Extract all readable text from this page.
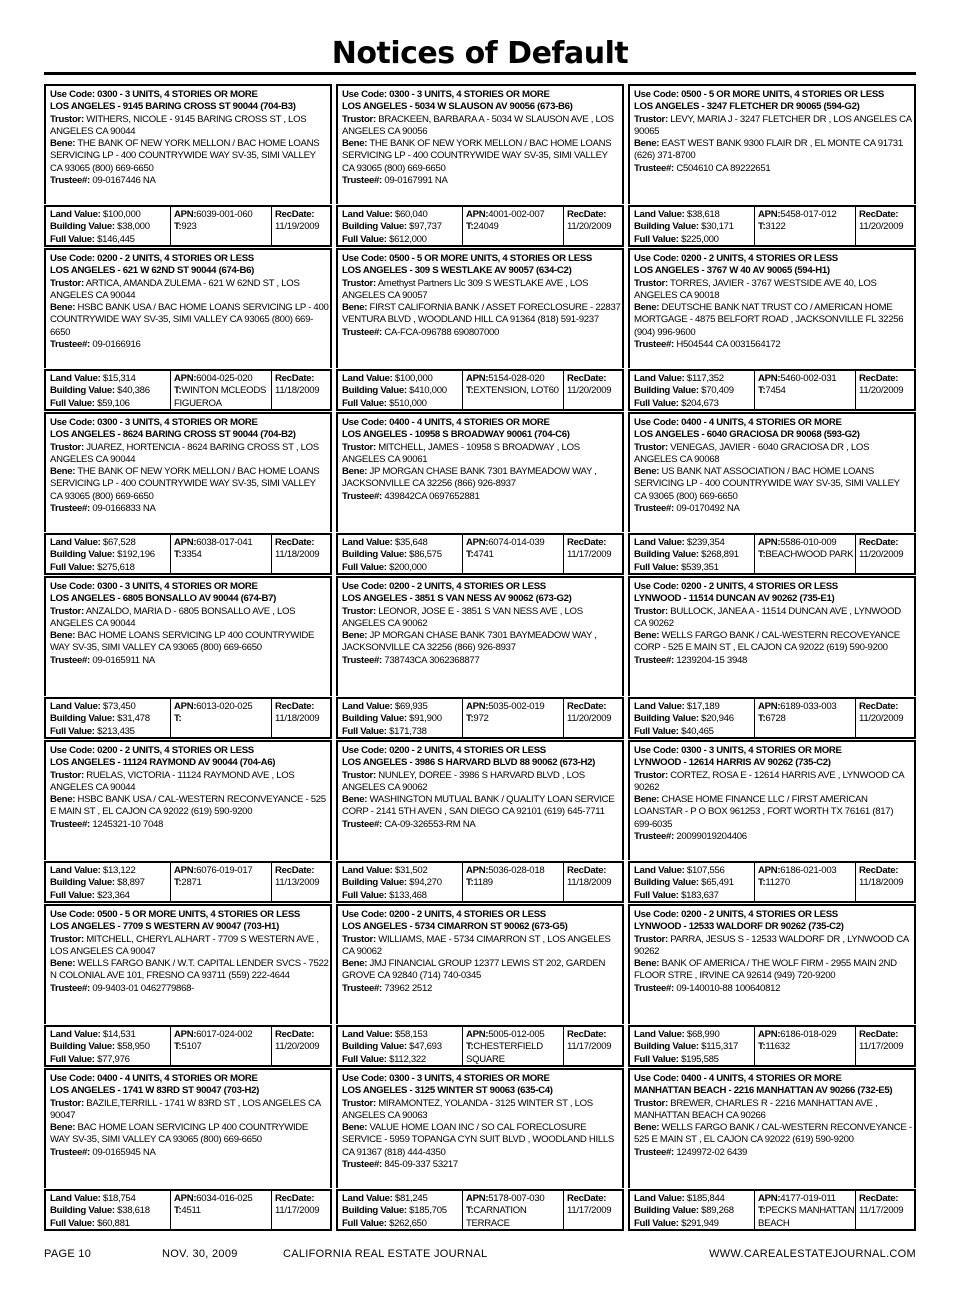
Notices of Default
Use Code: 0300 - 3 UNITS, 4 STORIES OR MORE
LOS ANGELES - 9145 BARING CROSS ST 90044 (704-B3)
Trustor: WITHERS, NICOLE - 9145 BARING CROSS ST , LOS ANGELES CA 90044
Bene: THE BANK OF NEW YORK MELLON / BAC HOME LOANS SERVICING LP - 400 COUNTRYWIDE WAY SV-35, SIMI VALLEY CA 93065 (800) 669-6650
Trustee#: 09-0167446 NA
Land Value: $100,000
Building Value: $38,000
Full Value: $146,445
APN:6039-001-060
T:923
RecDate:
11/19/2009
Use Code: 0200 - 2 UNITS, 4 STORIES OR LESS
LOS ANGELES - 621 W 62ND ST 90044 (674-B6)
Trustor: ARTICA, AMANDA ZULEMA - 621 W 62ND ST , LOS ANGELES CA 90044
Bene: HSBC BANK USA / BAC HOME LOANS SERVICING LP - 400 COUNTRYWIDE WAY SV-35, SIMI VALLEY CA 93065 (800) 669-6650
Trustee#: 09-0166916
Land Value: $15,314
Building Value: $40,386
Full Value: $59,106
APN:6004-025-020
T:WINTON MCLEODS FIGUEROA
RecDate:
11/18/2009
Use Code: 0300 - 3 UNITS, 4 STORIES OR MORE
LOS ANGELES - 8624 BARING CROSS ST 90044 (704-B2)
Trustor: JUAREZ, HORTENCIA - 8624 BARING CROSS ST , LOS ANGELES CA 90044
Bene: THE BANK OF NEW YORK MELLON / BAC HOME LOANS SERVICING LP - 400 COUNTRYWIDE WAY SV-35, SIMI VALLEY CA 93065 (800) 669-6650
Trustee#: 09-0166833 NA
Land Value: $67,528
Building Value: $192,196
Full Value: $275,618
APN:6038-017-041
T:3354
RecDate:
11/18/2009
Use Code: 0300 - 3 UNITS, 4 STORIES OR MORE
LOS ANGELES - 6805 BONSALLO AV 90044 (674-B7)
Trustor: ANZALDO, MARIA D - 6805 BONSALLO AVE , LOS ANGELES CA 90044
Bene: BAC HOME LOANS SERVICING LP 400 COUNTRYWIDE WAY SV-35, SIMI VALLEY CA 93065 (800) 669-6650
Trustee#: 09-0165911 NA
Land Value: $73,450
Building Value: $31,478
Full Value: $213,435
APN:6013-020-025
T:
RecDate:
11/18/2009
Use Code: 0200 - 2 UNITS, 4 STORIES OR LESS
LOS ANGELES - 11124 RAYMOND AV 90044 (704-A6)
Trustor: RUELAS, VICTORIA - 11124 RAYMOND AVE , LOS ANGELES CA 90044
Bene: HSBC BANK USA / CAL-WESTERN RECONVEYANCE - 525 E MAIN ST , EL CAJON CA 92022 (619) 590-9200
Trustee#: 1245321-10 7048
Land Value: $13,122
Building Value: $8,897
Full Value: $23,364
APN:6076-019-017
T:2871
RecDate:
11/13/2009
Use Code: 0500 - 5 OR MORE UNITS, 4 STORIES OR LESS
LOS ANGELES - 7709 S WESTERN AV 90047 (703-H1)
Trustor: MITCHELL, CHERYL ALHART - 7709 S WESTERN AVE , LOS ANGELES CA 90047
Bene: WELLS FARGO BANK / W.T. CAPITAL LENDER SVCS - 7522 N COLONIAL AVE 101, FRESNO CA 93711 (559) 222-4644
Trustee#: 09-9403-01 0462779868-
Land Value: $14,531
Building Value: $58,950
Full Value: $77,976
APN:6017-024-002
T:5107
RecDate:
11/20/2009
Use Code: 0400 - 4 UNITS, 4 STORIES OR MORE
LOS ANGELES - 1741 W 83RD ST 90047 (703-H2)
Trustor: BAZILE,TERRILL - 1741 W 83RD ST , LOS ANGELES CA 90047
Bene: BAC HOME LOAN SERVICING LP 400 COUNTRYWIDE WAY SV-35, SIMI VALLEY CA 93065 (800) 669-6650
Trustee#: 09-0165945 NA
Land Value: $18,754
Building Value: $38,618
Full Value: $60,881
APN:6034-016-025
T:4511
RecDate:
11/17/2009
Use Code: 0300 - 3 UNITS, 4 STORIES OR MORE
LOS ANGELES - 5034 W SLAUSON AV 90056 (673-B6)
Trustor: BRACKEEN, BARBARA A - 5034 W SLAUSON AVE , LOS ANGELES CA 90056
Bene: THE BANK OF NEW YORK MELLON / BAC HOME LOANS SERVICING LP - 400 COUNTRYWIDE WAY SV-35, SIMI VALLEY CA 93065 (800) 669-6650
Trustee#: 09-0167991 NA
Land Value: $60,040
Building Value: $97,737
Full Value: $612,000
APN:4001-002-007
T:24049
RecDate:
11/20/2009
Use Code: 0500 - 5 OR MORE UNITS, 4 STORIES OR LESS
LOS ANGELES - 309 S WESTLAKE AV 90057 (634-C2)
Trustor: Amethyst Partners Llc 309 S WESTLAKE AVE , LOS ANGELES CA 90057
Bene: FIRST CALIFORNIA BANK / ASSET FORECLOSURE - 22837 VENTURA BLVD , WOODLAND HILL CA 91364 (818) 591-9237
Trustee#: CA-FCA-096788 690807000
Land Value: $100,000
Building Value: $410,000
Full Value: $510,000
APN:5154-028-020
T:EXTENSION, LOT60
RecDate:
11/20/2009
Use Code: 0400 - 4 UNITS, 4 STORIES OR MORE
LOS ANGELES - 10958 S BROADWAY 90061 (704-C6)
Trustor: MITCHELL, JAMES - 10958 S BROADWAY , LOS ANGELES CA 90061
Bene: JP MORGAN CHASE BANK 7301 BAYMEADOW WAY , JACKSONVILLE CA 32256 (866) 926-8937
Trustee#: 439842CA 0697652881
Land Value: $35,648
Building Value: $86,575
Full Value: $200,000
APN:6074-014-039
T:4741
RecDate:
11/17/2009
Use Code: 0200 - 2 UNITS, 4 STORIES OR LESS
LOS ANGELES - 3851 S VAN NESS AV 90062 (673-G2)
Trustor: LEONOR, JOSE E - 3851 S VAN NESS AVE , LOS ANGELES CA 90062
Bene: JP MORGAN CHASE BANK 7301 BAYMEADOW WAY , JACKSONVILLE CA 32256 (866) 926-8937
Trustee#: 738743CA 3062368877
Land Value: $69,935
Building Value: $91,900
Full Value: $171,738
APN:5035-002-019
T:972
RecDate:
11/20/2009
Use Code: 0200 - 2 UNITS, 4 STORIES OR LESS
LOS ANGELES - 3986 S HARVARD BLVD 88 90062 (673-H2)
Trustor: NUNLEY, DOREE - 3986 S HARVARD BLVD , LOS ANGELES CA 90062
Bene: WASHINGTON MUTUAL BANK / QUALITY LOAN SERVICE CORP - 2141 5TH AVEN , SAN DIEGO CA 92101 (619) 645-7711
Trustee#: CA-09-326553-RM NA
Land Value: $31,502
Building Value: $94,270
Full Value: $133,468
APN:5036-028-018
T:1189
RecDate:
11/18/2009
Use Code: 0200 - 2 UNITS, 4 STORIES OR LESS
LOS ANGELES - 5734 CIMARRON ST 90062 (673-G5)
Trustor: WILLIAMS, MAE - 5734 CIMARRON ST , LOS ANGELES CA 90062
Bene: JMJ FINANCIAL GROUP 12377 LEWIS ST 202, GARDEN GROVE CA 92840 (714) 740-0345
Trustee#: 73962 2512
Land Value: $58,153
Building Value: $47,693
Full Value: $112,322
APN:5005-012-005
T:CHESTERFIELD SQUARE
RecDate:
11/17/2009
Use Code: 0300 - 3 UNITS, 4 STORIES OR MORE
LOS ANGELES - 3125 WINTER ST 90063 (635-C4)
Trustor: MIRAMONTEZ, YOLANDA - 3125 WINTER ST , LOS ANGELES CA 90063
Bene: VALUE HOME LOAN INC / SO CAL FORECLOSURE SERVICE - 5959 TOPANGA CYN SUIT BLVD , WOODLAND HILLS CA 91367 (818) 444-4350
Trustee#: 845-09-337 53217
Land Value: $81,245
Building Value: $185,705
Full Value: $262,650
APN:5178-007-030
T:CARNATION TERRACE
RecDate:
11/17/2009
Use Code: 0500 - 5 OR MORE UNITS, 4 STORIES OR LESS
LOS ANGELES - 3247 FLETCHER DR 90065 (594-G2)
Trustor: LEVY, MARIA J - 3247 FLETCHER DR , LOS ANGELES CA 90065
Bene: EAST WEST BANK 9300 FLAIR DR , EL MONTE CA 91731 (626) 371-8700
Trustee#: C504610 CA 89222651
Land Value: $38,618
Building Value: $30,171
Full Value: $225,000
APN:5458-017-012
T:3122
RecDate:
11/20/2009
Use Code: 0200 - 2 UNITS, 4 STORIES OR LESS
LOS ANGELES - 3767 W 40 AV 90065 (594-H1)
Trustor: TORRES, JAVIER - 3767 WESTSIDE AVE 40, LOS ANGELES CA 90018
Bene: DEUTSCHE BANK NAT TRUST CO / AMERICAN HOME MORTGAGE - 4875 BELFORT ROAD , JACKSONVILLE FL 32256 (904) 996-9600
Trustee#: H504544 CA 0031564172
Land Value: $117,352
Building Value: $70,409
Full Value: $204,673
APN:5460-002-031
T:7454
RecDate:
11/20/2009
Use Code: 0400 - 4 UNITS, 4 STORIES OR MORE
LOS ANGELES - 6040 GRACIOSA DR 90068 (593-G2)
Trustor: VENEGAS, JAVIER - 6040 GRACIOSA DR , LOS ANGELES CA 90068
Bene: US BANK NAT ASSOCIATION / BAC HOME LOANS SERVICING LP - 400 COUNTRYWIDE WAY SV-35, SIMI VALLEY CA 93065 (800) 669-6650
Trustee#: 09-0170492 NA
Land Value: $239,354
Building Value: $268,891
Full Value: $539,351
APN:5586-010-009
T:BEACHWOOD PARK
RecDate:
11/20/2009
Use Code: 0200 - 2 UNITS, 4 STORIES OR LESS
LYNWOOD - 11514 DUNCAN AV 90262 (735-E1)
Trustor: BULLOCK, JANEA A - 11514 DUNCAN AVE , LYNWOOD CA 90262
Bene: WELLS FARGO BANK / CAL-WESTERN RECOVEYANCE CORP - 525 E MAIN ST , EL CAJON CA 92022 (619) 590-9200
Trustee#: 1239204-15 3948
Land Value: $17,189
Building Value: $20,946
Full Value: $40,465
APN:6189-033-003
T:6728
RecDate:
11/20/2009
Use Code: 0300 - 3 UNITS, 4 STORIES OR MORE
LYNWOOD - 12614 HARRIS AV 90262 (735-C2)
Trustor: CORTEZ, ROSA E - 12614 HARRIS AVE , LYNWOOD CA 90262
Bene: CHASE HOME FINANCE LLC / FIRST AMERICAN LOANSTAR - P O BOX 961253 , FORT WORTH TX 76161 (817) 699-6035
Trustee#: 20099019204406
Land Value: $107,556
Building Value: $65,491
Full Value: $183,637
APN:6186-021-003
T:11270
RecDate:
11/18/2009
Use Code: 0200 - 2 UNITS, 4 STORIES OR LESS
LYNWOOD - 12533 WALDORF DR 90262 (735-C2)
Trustor: PARRA, JESUS S - 12533 WALDORF DR , LYNWOOD CA 90262
Bene: BANK OF AMERICA / THE WOLF FIRM - 2955 MAIN 2ND FLOOR STRE , IRVINE CA 92614 (949) 720-9200
Trustee#: 09-140010-88 100640812
Land Value: $68,990
Building Value: $115,317
Full Value: $195,585
APN:6186-018-029
T:11632
RecDate:
11/17/2009
Use Code: 0400 - 4 UNITS, 4 STORIES OR MORE
MANHATTAN BEACH - 2216 MANHATTAN AV 90266 (732-E5)
Trustor: BREWER, CHARLES R - 2216 MANHATTAN AVE , MANHATTAN BEACH CA 90266
Bene: WELLS FARGO BANK / CAL-WESTERN RECONVEYANCE - 525 E MAIN ST , EL CAJON CA 92022 (619) 590-9200
Trustee#: 1249972-02 6439
Land Value: $185,844
Building Value: $89,268
Full Value: $291,949
APN:4177-019-011
T:PECKS MANHATTAN BEACH
RecDate:
11/17/2009
PAGE 10	NOV. 30, 2009	CALIFORNIA REAL ESTATE JOURNAL	WWW.CAREALESTATEJOURNAL.COM
